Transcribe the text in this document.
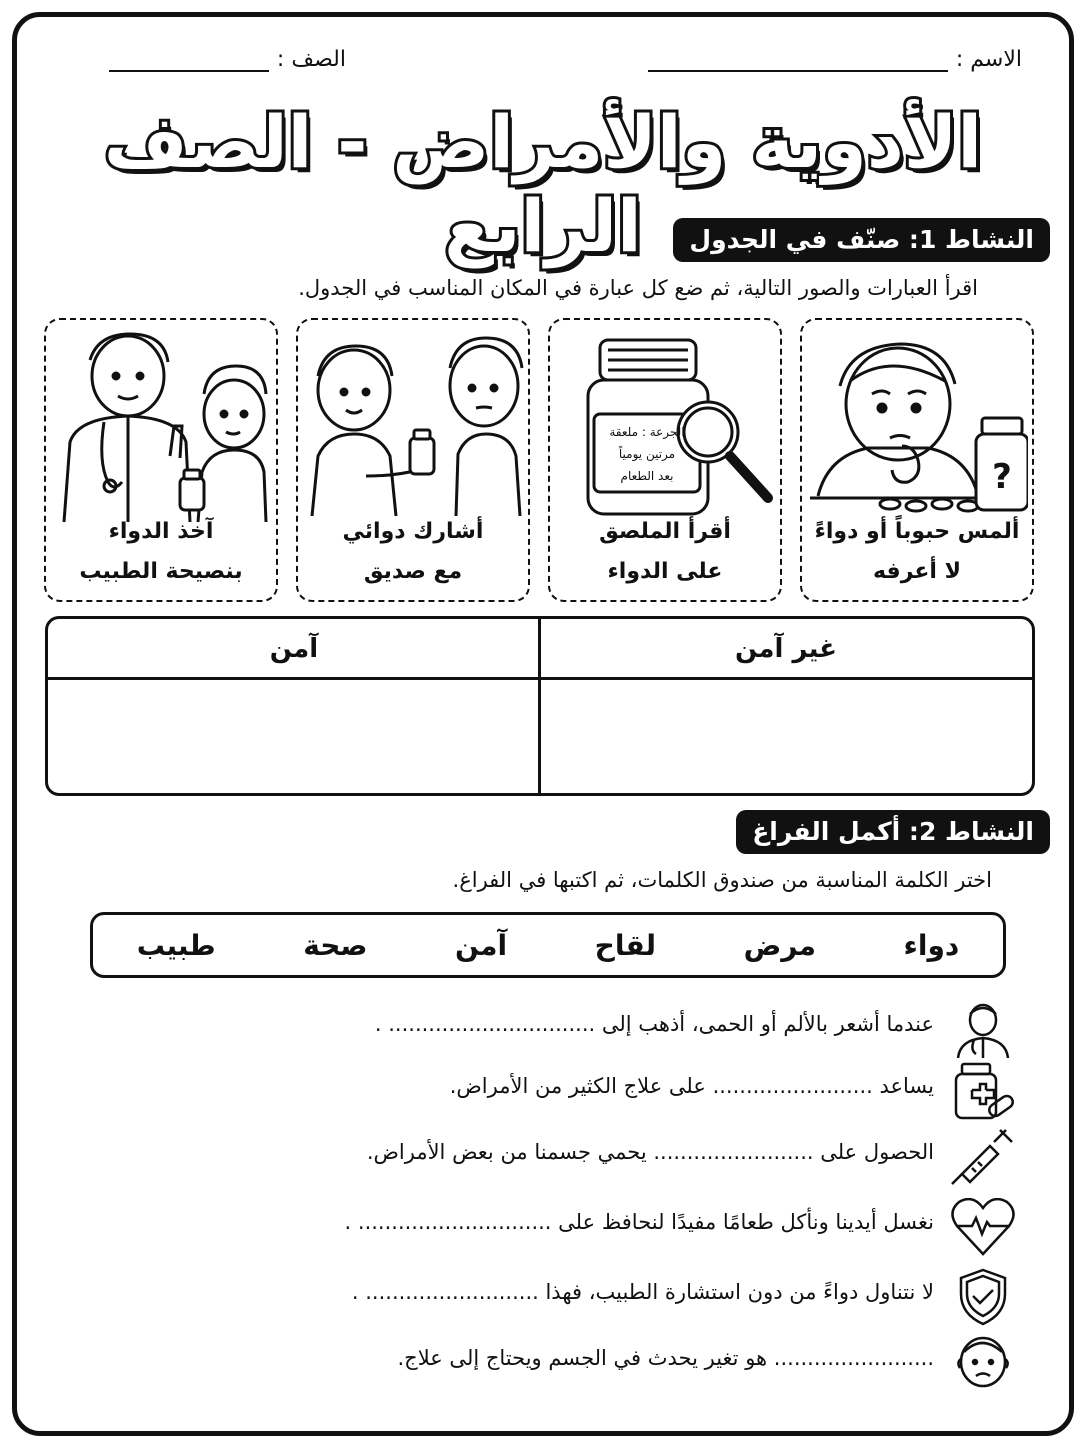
الاسم :
الصف :
الأدوية والأمراض - الصف الرابع	النشاط 1: صنّف في الجدول
اقرأ العبارات والصور التالية، ثم ضع كل عبارة في المكان المناسب في الجدول.
?
ألمس حبوباً أو دواءً
لا أعرفه
الجرعة : ملعقة
مرتين يومياً
بعد الطعام
أقرأ الملصق
على الدواء
أشارك دوائي
مع صديق
آخذ الدواء
بنصيحة الطبيب
غير آمن
آمن
النشاط 2: أكمل الفراغ
اختر الكلمة المناسبة من صندوق الكلمات، ثم اكتبها في الفراغ.
دواء
مرض
لقاح
آمن
صحة
طبيب
عندما أشعر بالألم أو الحمى، أذهب إلى ............................... .
يساعد ........................ على علاج الكثير من الأمراض.
الحصول على ........................ يحمي جسمنا من بعض الأمراض.
نغسل أيدينا ونأكل طعامًا مفيدًا لنحافظ على ............................. .
لا نتناول دواءً من دون استشارة الطبيب، فهذا .......................... .
........................ هو تغير يحدث في الجسم ويحتاج إلى علاج.
